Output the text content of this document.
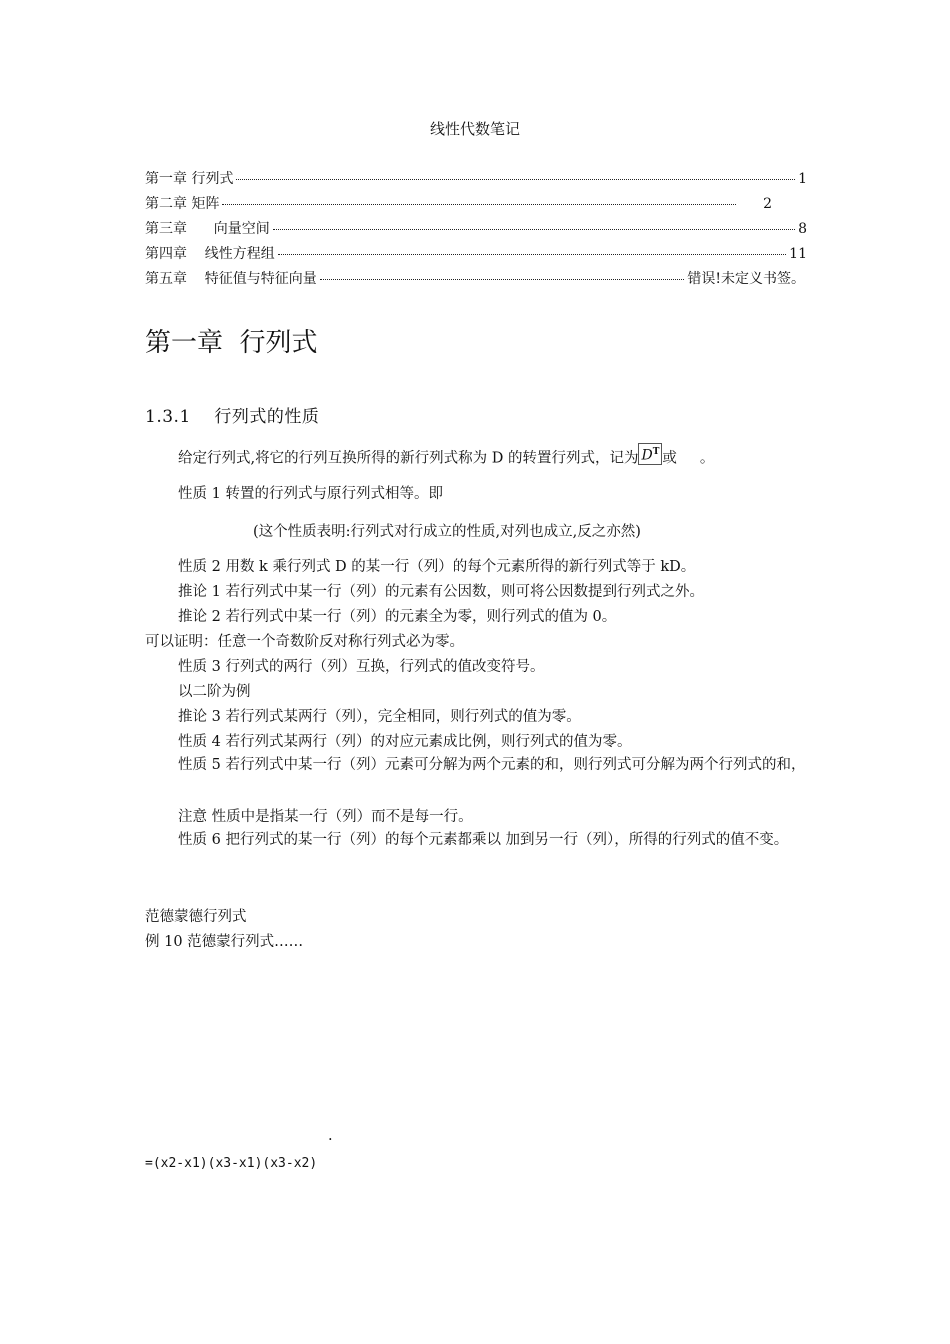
线性代数笔记
第一章 行列式	1
第二章 矩阵	2
第三章      向量空间	8
第四章    线性方程组	11
第五章    特征值与特征向量	错误!未定义书签。
第一章  行列式
1.3.1    行列式的性质
给定行列式,将它的行列互换所得的新行列式称为 D 的转置行列式，记为 $D^T$ 或     。
性质 1 转置的行列式与原行列式相等。即
(这个性质表明:行列式对行成立的性质,对列也成立,反之亦然)
性质 2 用数 k 乘行列式 D 的某一行（列）的每个元素所得的新行列式等于 kD。
推论 1 若行列式中某一行（列）的元素有公因数，则可将公因数提到行列式之外。
推论 2 若行列式中某一行（列）的元素全为零，则行列式的值为 0。
可以证明：任意一个奇数阶反对称行列式必为零。
性质 3 行列式的两行（列）互换，行列式的值改变符号。
以二阶为例
推论 3 若行列式某两行（列），完全相同，则行列式的值为零。
性质 4 若行列式某两行（列）的对应元素成比例，则行列式的值为零。
性质 5 若行列式中某一行（列）元素可分解为两个元素的和，则行列式可分解为两个行列式的和，
注意 性质中是指某一行（列）而不是每一行。
性质 6 把行列式的某一行（列）的每个元素都乘以 加到另一行（列），所得的行列式的值不变。
范德蒙德行列式
例 10 范德蒙行列式……
.
=(x2-x1)(x3-x1)(x3-x2)
